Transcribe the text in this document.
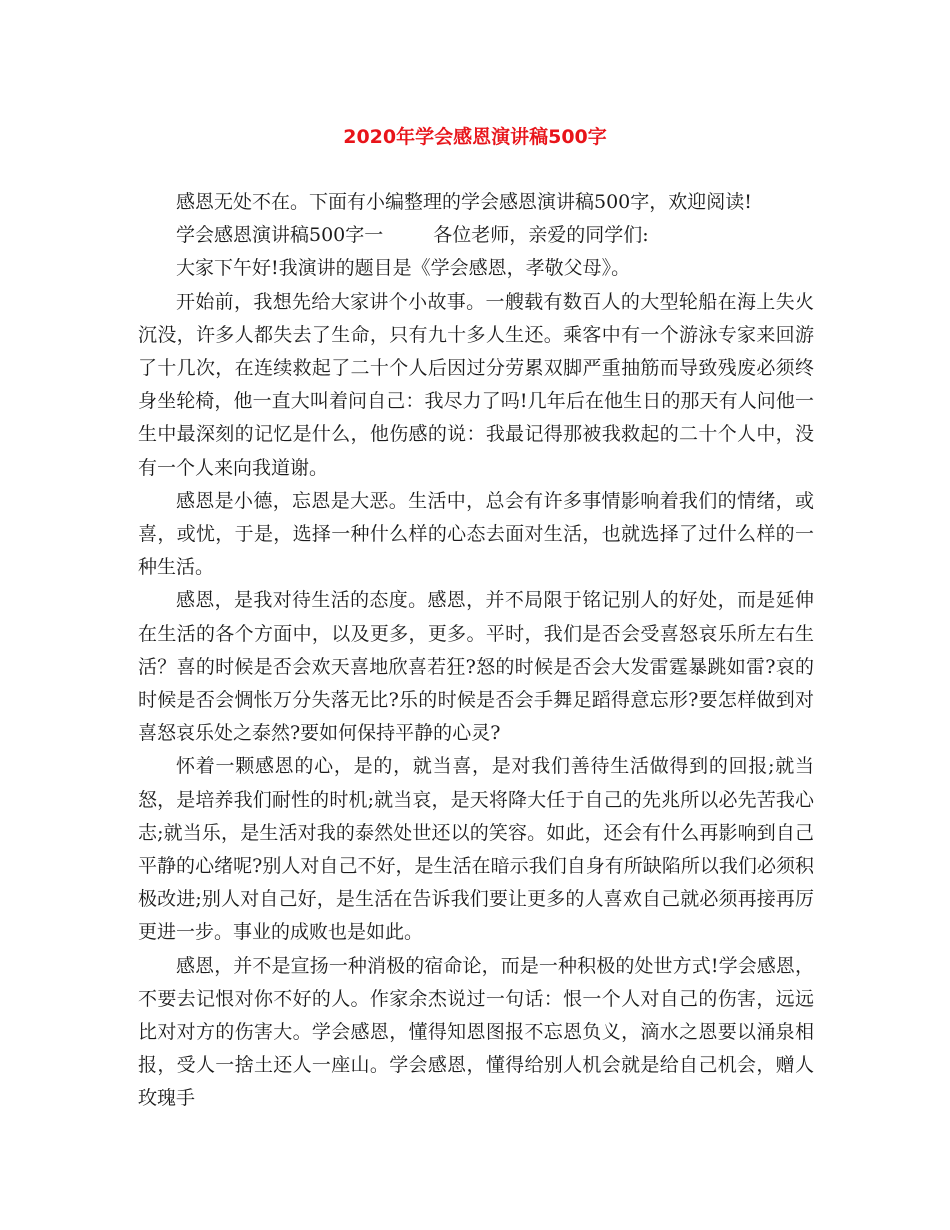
2020年学会感恩演讲稿500字

感恩无处不在。下面有小编整理的学会感恩演讲稿500字，欢迎阅读!

学会感恩演讲稿500字一	各位老师，亲爱的同学们:

大家下午好!我演讲的题目是《学会感恩，孝敬父母》。

开始前，我想先给大家讲个小故事。一艘载有数百人的大型轮船在海上失火沉没，许多人都失去了生命，只有九十多人生还。乘客中有一个游泳专家来回游了十几次，在连续救起了二十个人后因过分劳累双脚严重抽筋而导致残废必须终身坐轮椅，他一直大叫着问自己：我尽力了吗!几年后在他生日的那天有人问他一生中最深刻的记忆是什么，他伤感的说：我最记得那被我救起的二十个人中，没有一个人来向我道谢。

感恩是小德，忘恩是大恶。生活中，总会有许多事情影响着我们的情绪，或喜，或忧，于是，选择一种什么样的心态去面对生活，也就选择了过什么样的一种生活。

感恩，是我对待生活的态度。感恩，并不局限于铭记别人的好处，而是延伸在生活的各个方面中，以及更多，更多。平时，我们是否会受喜怒哀乐所左右生活？喜的时候是否会欢天喜地欣喜若狂?怒的时候是否会大发雷霆暴跳如雷?哀的时候是否会惆怅万分失落无比?乐的时候是否会手舞足蹈得意忘形?要怎样做到对喜怒哀乐处之泰然?要如何保持平静的心灵?

怀着一颗感恩的心，是的，就当喜，是对我们善待生活做得到的回报;就当怒，是培养我们耐性的时机;就当哀，是天将降大任于自己的先兆所以必先苦我心志;就当乐，是生活对我的泰然处世还以的笑容。如此，还会有什么再影响到自己平静的心绪呢?别人对自己不好，是生活在暗示我们自身有所缺陷所以我们必须积极改进;别人对自己好，是生活在告诉我们要让更多的人喜欢自己就必须再接再厉更进一步。事业的成败也是如此。

感恩，并不是宣扬一种消极的宿命论，而是一种积极的处世方式!学会感恩，不要去记恨对你不好的人。作家余杰说过一句话：恨一个人对自己的伤害，远远比对对方的伤害大。学会感恩，懂得知恩图报不忘恩负义，滴水之恩要以涌泉相报，受人一捨土还人一座山。学会感恩，懂得给别人机会就是给自己机会，赠人玫瑰手
